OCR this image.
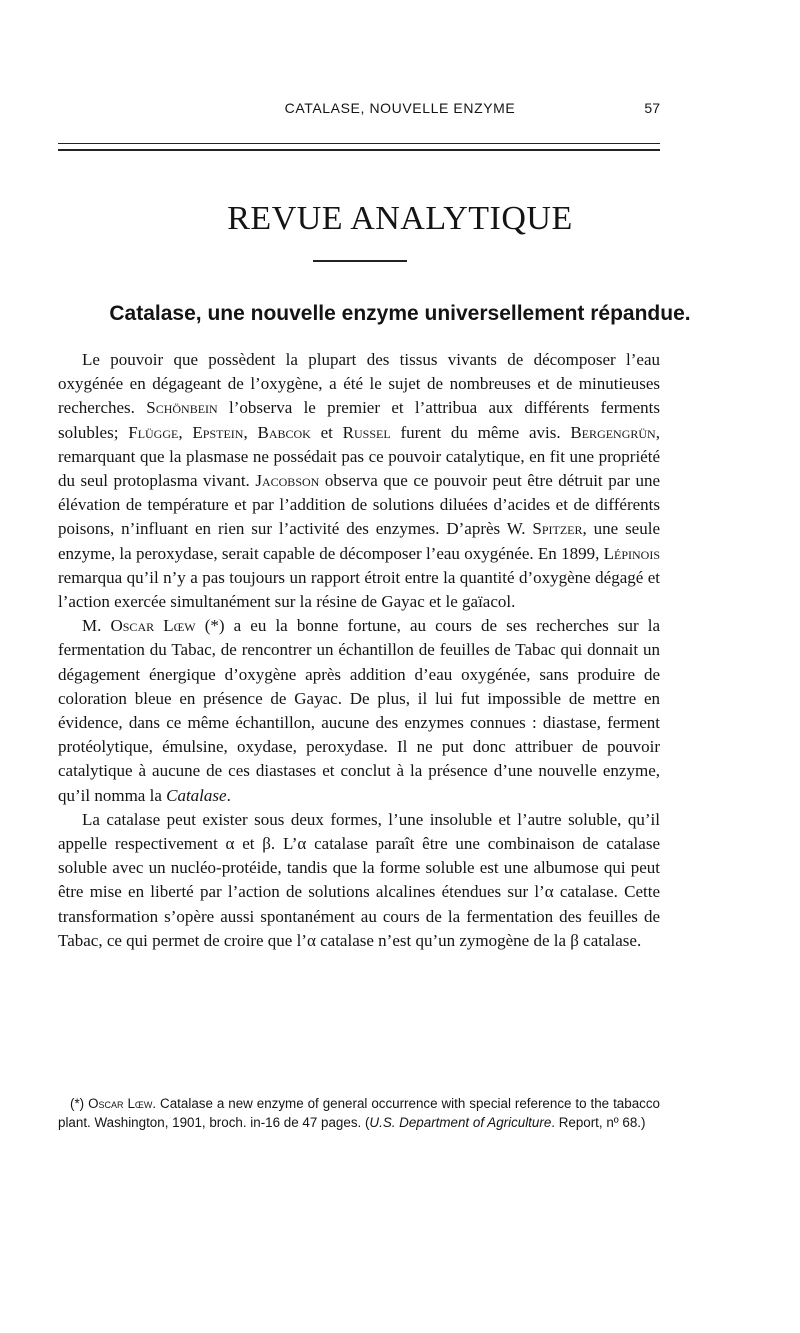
CATALASE, NOUVELLE ENZYME	57
REVUE ANALYTIQUE
Catalase, une nouvelle enzyme universellement répandue.

Le pouvoir que possèdent la plupart des tissus vivants de décomposer l’eau oxygénée en dégageant de l’oxygène, a été le sujet de nombreuses et de minutieuses recherches. Schönbein l’observa le premier et l’attribua aux différents ferments solubles; Flügge, Epstein, Babcok et Russel furent du même avis. Bergengrün, remarquant que la plasmase ne possédait pas ce pouvoir catalytique, en fit une propriété du seul protoplasma vivant. Jacobson observa que ce pouvoir peut être détruit par une élévation de température et par l’addition de solutions diluées d’acides et de différents poisons, n’influant en rien sur l’activité des enzymes. D’après W. Spitzer, une seule enzyme, la peroxydase, serait capable de décomposer l’eau oxygénée. En 1899, Lépinois remarqua qu’il n’y a pas toujours un rapport étroit entre la quantité d’oxygène dégagé et l’action exercée simultanément sur la résine de Gayac et le gaïacol.

M. Oscar Lœw (*) a eu la bonne fortune, au cours de ses recherches sur la fermentation du Tabac, de rencontrer un échantillon de feuilles de Tabac qui donnait un dégagement énergique d’oxygène après addition d’eau oxygénée, sans produire de coloration bleue en présence de Gayac. De plus, il lui fut impossible de mettre en évidence, dans ce même échantillon, aucune des enzymes connues : diastase, ferment protéolytique, émulsine, oxydase, peroxydase. Il ne put donc attribuer de pouvoir catalytique à aucune de ces diastases et conclut à la présence d’une nouvelle enzyme, qu’il nomma la Catalase.

La catalase peut exister sous deux formes, l’une insoluble et l’autre soluble, qu’il appelle respectivement α et β. L’α catalase paraît être une combinaison de catalase soluble avec un nucléo-protéide, tandis que la forme soluble est une albumose qui peut être mise en liberté par l’action de solutions alcalines étendues sur l’α catalase. Cette transformation s’opère aussi spontanément au cours de la fermentation des feuilles de Tabac, ce qui permet de croire que l’α catalase n’est qu’un zymogène de la β catalase.

(*) Oscar Lœw. Catalase a new enzyme of general occurrence with special reference to the tabacco plant. Washington, 1901, broch. in-16 de 47 pages. (U.S. Department of Agriculture. Report, nº 68.)
